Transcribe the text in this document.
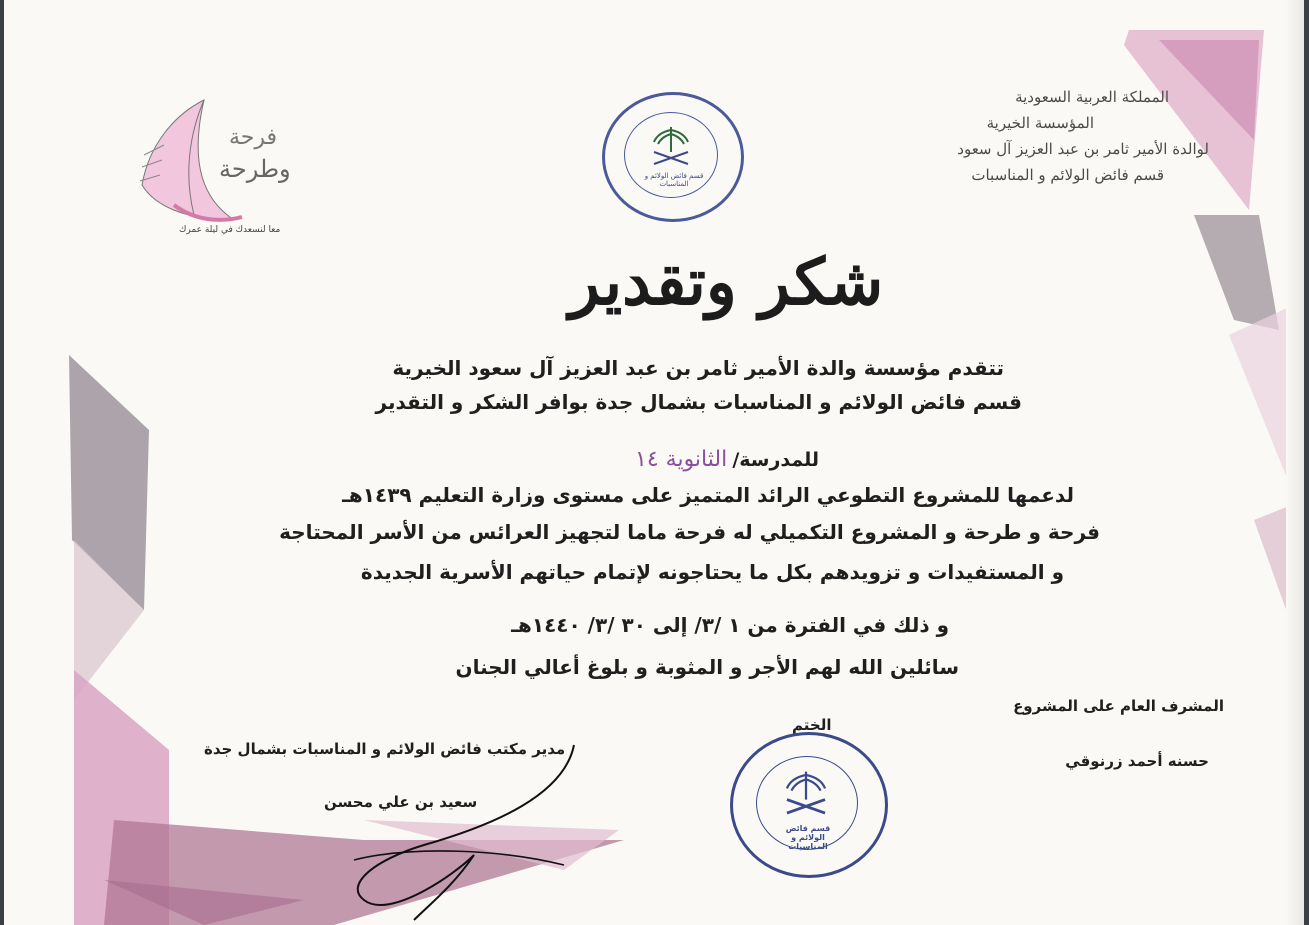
المملكة العربية السعودية
المؤسسة الخيرية
لوالدة الأمير ثامر بن عبد العزيز آل سعود
قسم فائض الولائم و المناسبات
فرحة
وطرحة
معا لنسعدك في ليلة عمرك
قسم فائض الولائم و المناسبات
شكر وتقدير
تتقدم مؤسسة والدة الأمير ثامر بن عبد العزيز آل سعود الخيرية
قسم فائض الولائم و المناسبات بشمال جدة بوافر الشكر و التقدير
للمدرسة/ الثانوية ١٤
لدعمها للمشروع التطوعي الرائد المتميز على مستوى وزارة التعليم ١٤٣٩هـ
فرحة و طرحة و المشروع التكميلي له فرحة ماما لتجهيز العرائس من الأسر المحتاجة
و المستفيدات و تزويدهم بكل ما يحتاجونه لإتمام حياتهم الأسرية الجديدة
و ذلك في الفترة من ١ /٣/ إلى ٣٠ /٣/ ١٤٤٠هـ
سائلين الله لهم الأجر و المثوبة و بلوغ أعالي الجنان
المشرف العام على المشروع
حسنه أحمد زرنوقي
الختم
قسم فائض الولائم و المناسبات
مدير مكتب فائض الولائم و المناسبات بشمال جدة
سعيد بن علي محسن
